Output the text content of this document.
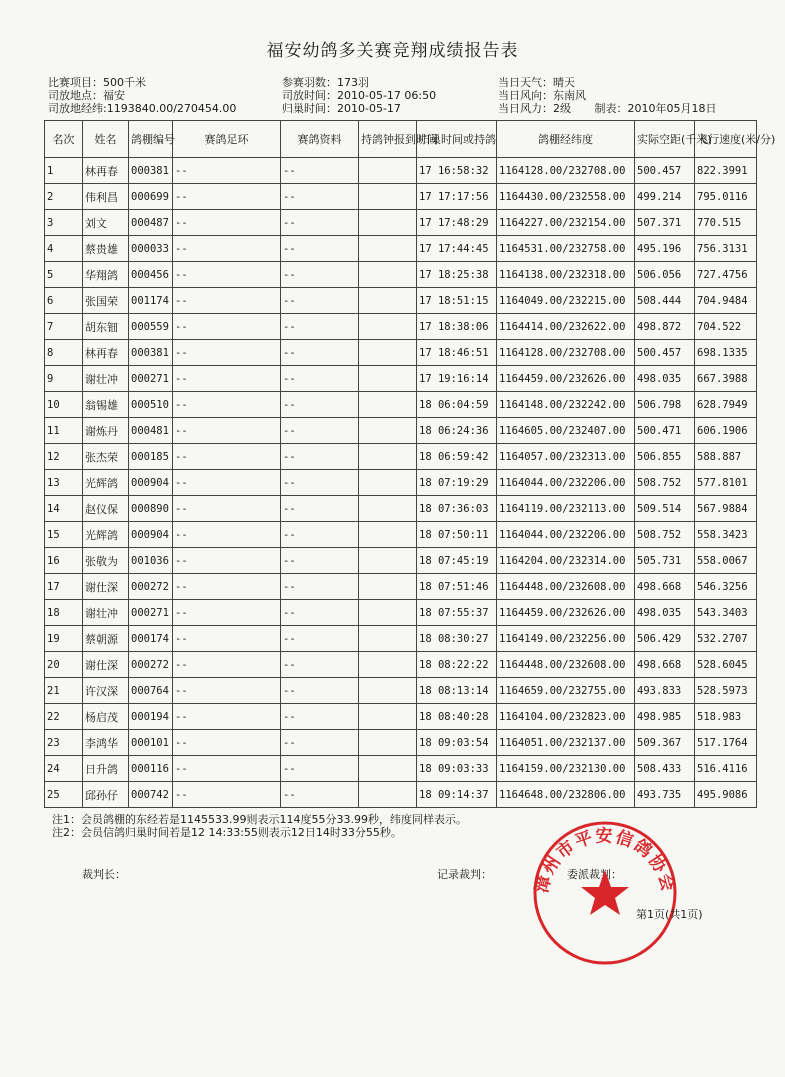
福安幼鸽多关赛竞翔成绩报告表
比赛项目：500千米
司放地点：福安
司放地经纬:1193840.00/270454.00
参赛羽数：173羽
司放时间：2010-05-17 06:50
归巢时间：2010-05-17
当日天气：晴天
当日风向：东南风
当日风力：2级 制表：2010年05月18日
名次	姓名	鸽棚编号	赛鸽足环	赛鸽资料	持鸽钟报到时间	归巢时间或持鸽	鸽棚经纬度	实际空距(千米)	飞行速度(米/分)
1	林再春	000381	--	--		17 16:58:32	1164128.00/232708.00	500.457	822.3991
2	伟利昌	000699	--	--		17 17:17:56	1164430.00/232558.00	499.214	795.0116
3	刘文	000487	--	--		17 17:48:29	1164227.00/232154.00	507.371	770.515
4	蔡贵雄	000033	--	--		17 17:44:45	1164531.00/232758.00	495.196	756.3131
5	华翔鸽	000456	--	--		17 18:25:38	1164138.00/232318.00	506.056	727.4756
6	张国荣	001174	--	--		17 18:51:15	1164049.00/232215.00	508.444	704.9484
7	胡东钿	000559	--	--		17 18:38:06	1164414.00/232622.00	498.872	704.522
8	林再春	000381	--	--		17 18:46:51	1164128.00/232708.00	500.457	698.1335
9	谢壮冲	000271	--	--		17 19:16:14	1164459.00/232626.00	498.035	667.3988
10	翁锡雄	000510	--	--		18 06:04:59	1164148.00/232242.00	506.798	628.7949
11	谢炼丹	000481	--	--		18 06:24:36	1164605.00/232407.00	500.471	606.1906
12	张杰荣	000185	--	--		18 06:59:42	1164057.00/232313.00	506.855	588.887
13	光辉鸽	000904	--	--		18 07:19:29	1164044.00/232206.00	508.752	577.8101
14	赵仪保	000890	--	--		18 07:36:03	1164119.00/232113.00	509.514	567.9884
15	光辉鸽	000904	--	--		18 07:50:11	1164044.00/232206.00	508.752	558.3423
16	张敬为	001036	--	--		18 07:45:19	1164204.00/232314.00	505.731	558.0067
17	谢仕深	000272	--	--		18 07:51:46	1164448.00/232608.00	498.668	546.3256
18	谢壮冲	000271	--	--		18 07:55:37	1164459.00/232626.00	498.035	543.3403
19	蔡朝源	000174	--	--		18 08:30:27	1164149.00/232256.00	506.429	532.2707
20	谢仕深	000272	--	--		18 08:22:22	1164448.00/232608.00	498.668	528.6045
21	许汉深	000764	--	--		18 08:13:14	1164659.00/232755.00	493.833	528.5973
22	杨启茂	000194	--	--		18 08:40:28	1164104.00/232823.00	498.985	518.983
23	李鸿华	000101	--	--		18 09:03:54	1164051.00/232137.00	509.367	517.1764
24	日升鸽	000116	--	--		18 09:03:33	1164159.00/232130.00	508.433	516.4116
25	邱孙仔	000742	--	--		18 09:14:37	1164648.00/232806.00	493.735	495.9086
注1：会员鸽棚的东经若是1145533.99则表示114度55分33.99秒，纬度同样表示。
注2：会员信鸽归巢时间若是12 14:33:55则表示12日14时33分55秒。
裁判长：	记录裁判：	委派裁判：
漳州市平安信鸽协会
第1页(共1页)
